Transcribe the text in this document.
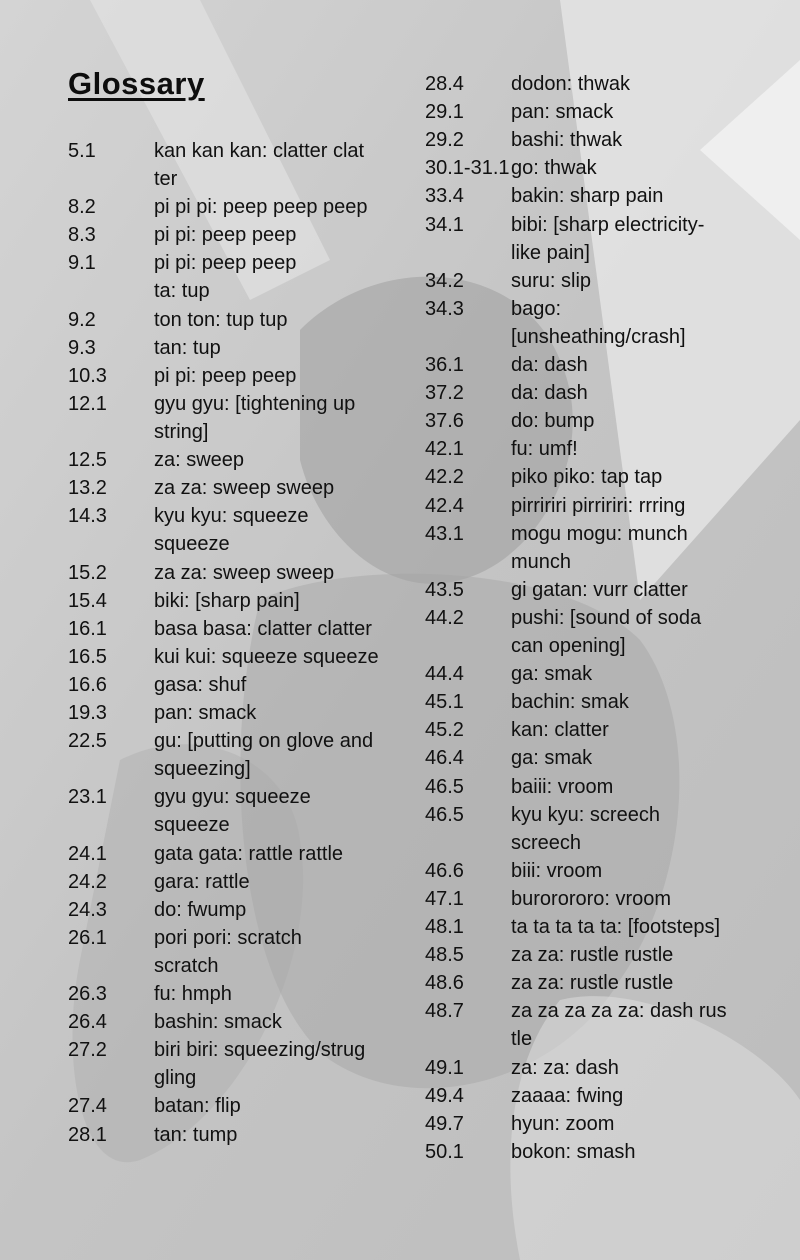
Glossary
5.1	kan kan kan: clatter clat
ter
8.2	pi pi pi: peep peep peep
8.3	pi pi: peep peep
9.1	pi pi: peep peep
ta: tup
9.2	ton ton: tup tup
9.3	tan: tup
10.3 pi pi: peep peep
12.1 gyu gyu: [tightening up
string]
12.5 za: sweep
13.2 za za: sweep sweep
14.3 kyu kyu: squeeze
squeeze
15.2 za za: sweep sweep
15.4 biki: [sharp pain]
16.1 basa basa: clatter clatter
16.5 kui kui: squeeze squeeze
16.6 gasa: shuf
19.3 pan: smack
22.5 gu: [putting on glove and
squeezing]
23.1 gyu gyu: squeeze
squeeze
24.1 gata gata: rattle rattle
24.2 gara: rattle
24.3 do: fwump
26.1 pori pori: scratch
scratch
26.3 fu: hmph
26.4 bashin: smack
27.2 biri biri: squeezing/strug
gling
27.4 batan: flip
28.1 tan: tump
28.4 dodon: thwak
29.1 pan: smack
29.2 bashi: thwak
30.1-31.1 go: thwak
33.4 bakin: sharp pain
34.1 bibi: [sharp electricity-
like pain]
34.2 suru: slip
34.3 bago:
[unsheathing/crash]
36.1 da: dash
37.2 da: dash
37.6 do: bump
42.1 fu: umf!
42.2 piko piko: tap tap
42.4 pirririri pirririri: rrring
43.1 mogu mogu: munch
munch
43.5 gi gatan: vurr clatter
44.2 pushi: [sound of soda
can opening]
44.4 ga: smak
45.1 bachin: smak
45.2 kan: clatter
46.4 ga: smak
46.5 baiii: vroom
46.5 kyu kyu: screech
screech
46.6 biii: vroom
47.1 burorororo: vroom
48.1 ta ta ta ta ta: [footsteps]
48.5 za za: rustle rustle
48.6 za za: rustle rustle
48.7 za za za za za: dash rus
tle
49.1 za: za: dash
49.4 zaaaa: fwing
49.7 hyun: zoom
50.1 bokon: smash
